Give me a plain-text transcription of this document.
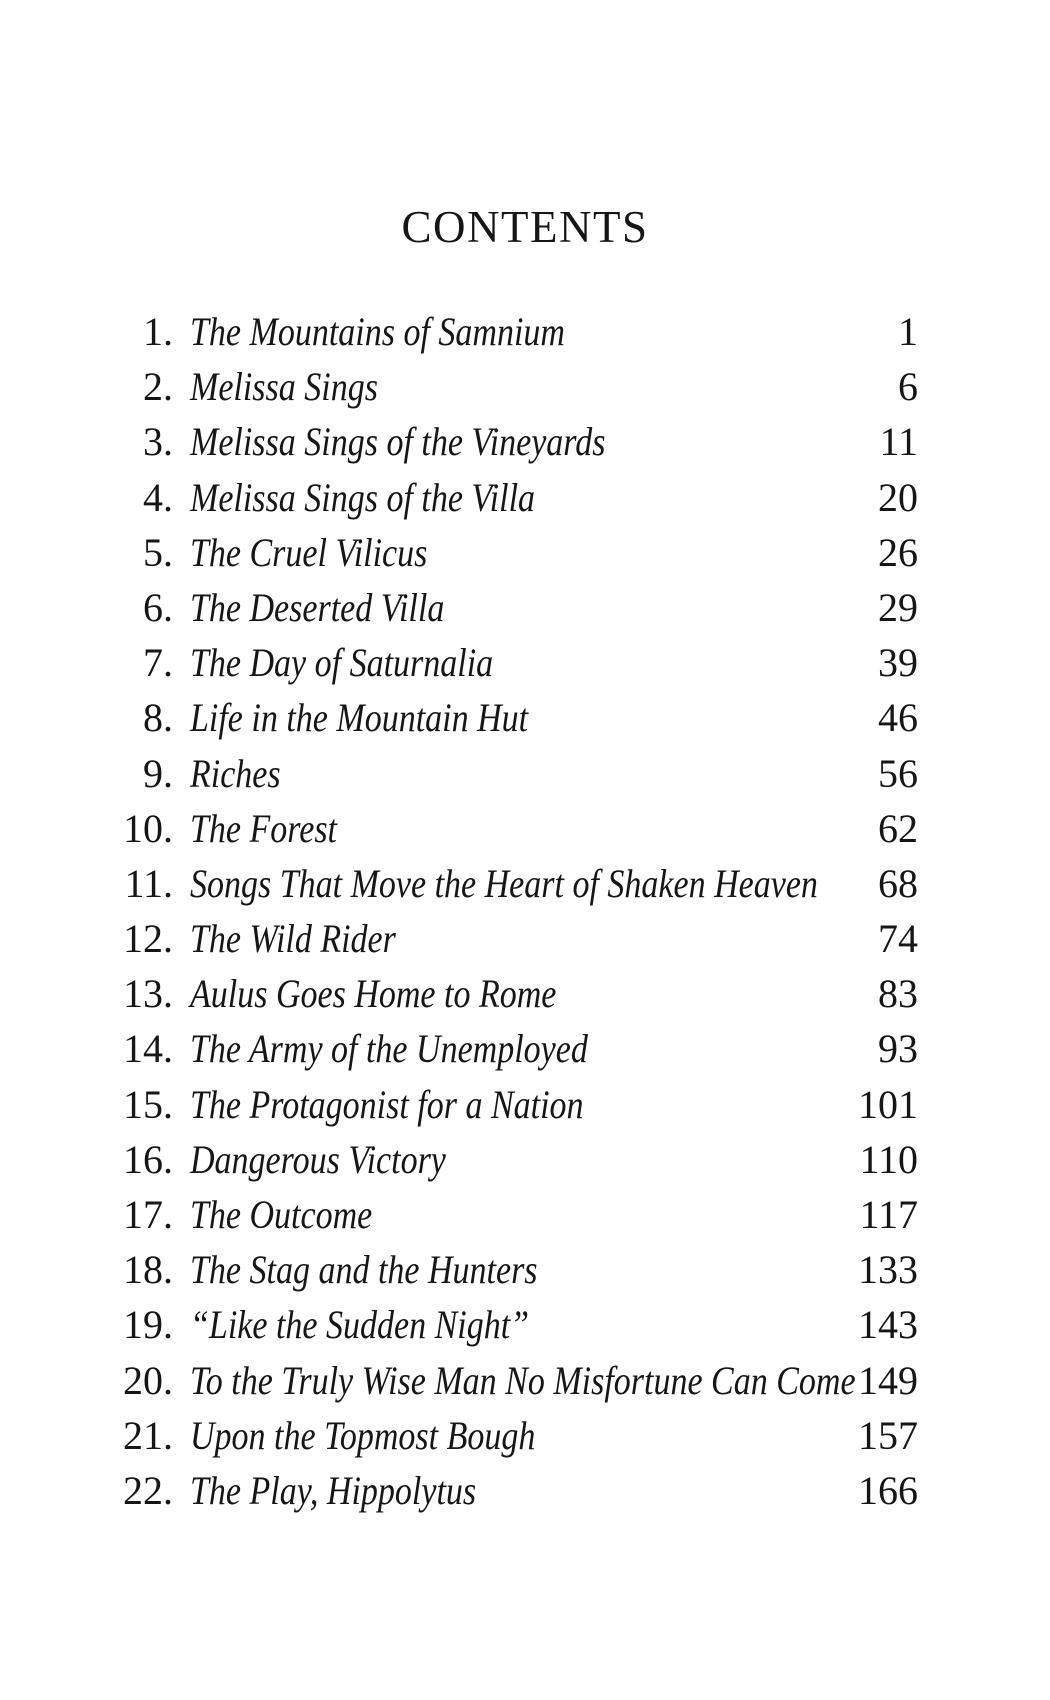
CONTENTS
1. The Mountains of Samnium	1
2. Melissa Sings	6
3. Melissa Sings of the Vineyards	11
4. Melissa Sings of the Villa	20
5. The Cruel Vilicus	26
6. The Deserted Villa	29
7. The Day of Saturnalia	39
8. Life in the Mountain Hut	46
9. Riches	56
10. The Forest	62
11. Songs That Move the Heart of Shaken Heaven	68
12. The Wild Rider	74
13. Aulus Goes Home to Rome	83
14. The Army of the Unemployed	93
15. The Protagonist for a Nation	101
16. Dangerous Victory	110
17. The Outcome	117
18. The Stag and the Hunters	133
19. “Like the Sudden Night”	143
20. To the Truly Wise Man No Misfortune Can Come 149
21. Upon the Topmost Bough	157
22. The Play, Hippolytus	166
